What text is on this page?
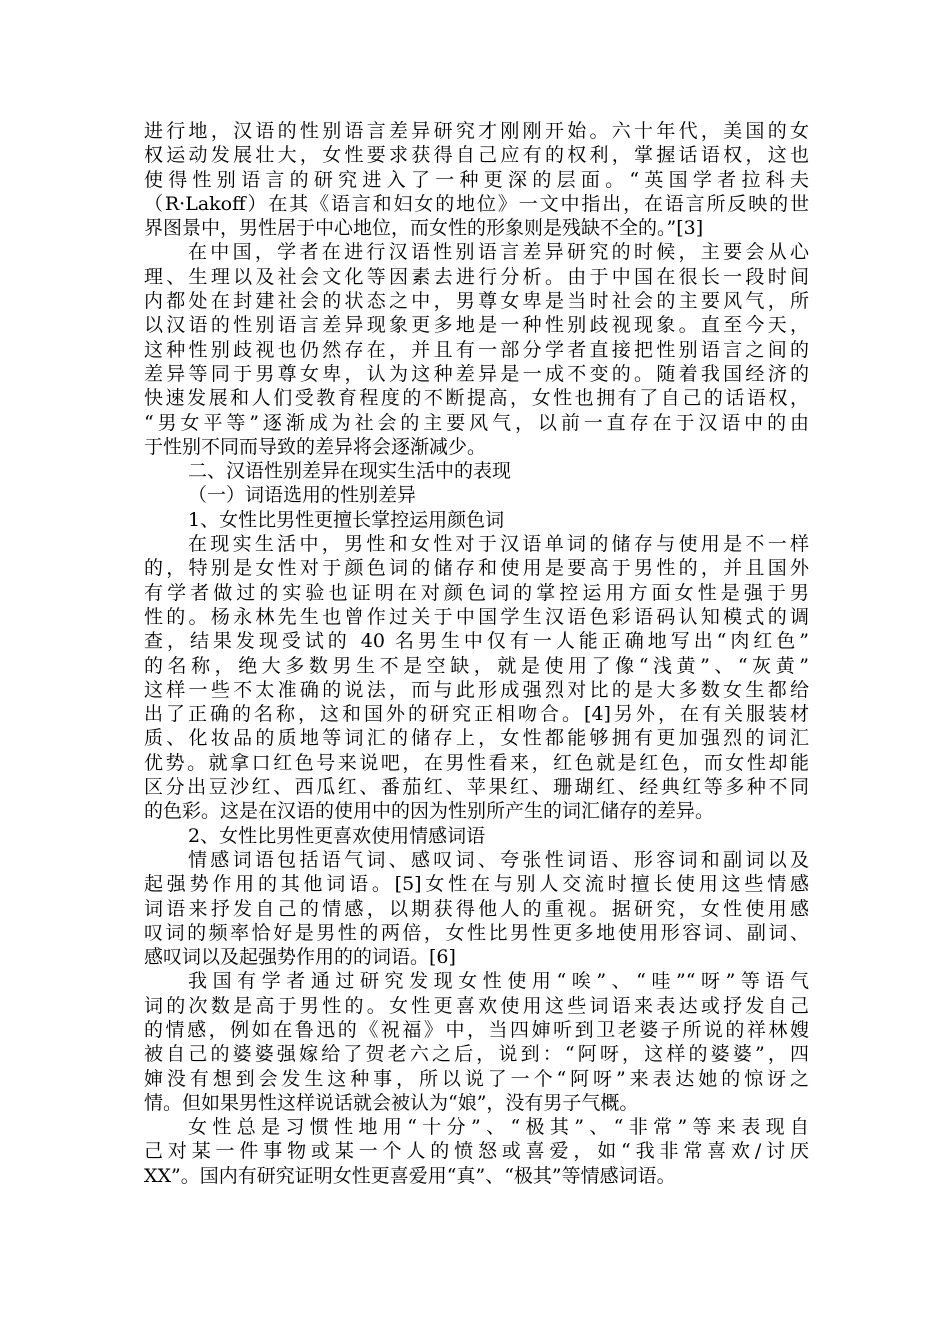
进行地，汉语的性别语言差异研究才刚刚开始。六十年代，美国的女
权运动发展壮大，女性要求获得自己应有的权利，掌握话语权，这也
使得性别语言的研究进入了一种更深的层面。“英国学者拉科夫
（R·Lakoff）在其《语言和妇女的地位》一文中指出，在语言所反映的世
界图景中，男性居于中心地位，而女性的形象则是残缺不全的。”[3]
在中国，学者在进行汉语性别语言差异研究的时候，主要会从心
理、生理以及社会文化等因素去进行分析。由于中国在很长一段时间
内都处在封建社会的状态之中，男尊女卑是当时社会的主要风气，所
以汉语的性别语言差异现象更多地是一种性别歧视现象。直至今天，
这种性别歧视也仍然存在，并且有一部分学者直接把性别语言之间的
差异等同于男尊女卑，认为这种差异是一成不变的。随着我国经济的
快速发展和人们受教育程度的不断提高，女性也拥有了自己的话语权，
“男女平等”逐渐成为社会的主要风气，以前一直存在于汉语中的由
于性别不同而导致的差异将会逐渐减少。
二、汉语性别差异在现实生活中的表现
（一）词语选用的性别差异
1、女性比男性更擅长掌控运用颜色词
在现实生活中，男性和女性对于汉语单词的储存与使用是不一样
的，特别是女性对于颜色词的储存和使用是要高于男性的，并且国外
有学者做过的实验也证明在对颜色词的掌控运用方面女性是强于男
性的。杨永林先生也曾作过关于中国学生汉语色彩语码认知模式的调
查，结果发现受试的 40 名男生中仅有一人能正确地写出“肉红色”
的名称，绝大多数男生不是空缺，就是使用了像“浅黄”、“灰黄”
这样一些不太准确的说法，而与此形成强烈对比的是大多数女生都给
出了正确的名称，这和国外的研究正相吻合。[4]另外，在有关服装材
质、化妆品的质地等词汇的储存上，女性都能够拥有更加强烈的词汇
优势。就拿口红色号来说吧，在男性看来，红色就是红色，而女性却能
区分出豆沙红、西瓜红、番茄红、苹果红、珊瑚红、经典红等多种不同
的色彩。这是在汉语的使用中的因为性别所产生的词汇储存的差异。
2、女性比男性更喜欢使用情感词语
情感词语包括语气词、感叹词、夸张性词语、形容词和副词以及
起强势作用的其他词语。[5]女性在与别人交流时擅长使用这些情感
词语来抒发自己的情感，以期获得他人的重视。据研究，女性使用感
叹词的频率恰好是男性的两倍，女性比男性更多地使用形容词、副词、
感叹词以及起强势作用的的词语。[6]
我国有学者通过研究发现女性使用“唉”、“哇”“呀”等语气
词的次数是高于男性的。女性更喜欢使用这些词语来表达或抒发自己
的情感，例如在鲁迅的《祝福》中，当四婶听到卫老婆子所说的祥林嫂
被自己的婆婆强嫁给了贺老六之后，说到：“阿呀，这样的婆婆”，四
婶没有想到会发生这种事，所以说了一个“阿呀”来表达她的惊讶之
情。但如果男性这样说话就会被认为“娘”，没有男子气概。
女性总是习惯性地用“十分”、“极其”、“非常”等来表现自
己对某一件事物或某一个人的愤怒或喜爱，如“我非常喜欢/讨厌
XX”。国内有研究证明女性更喜爱用“真”、“极其”等情感词语。
